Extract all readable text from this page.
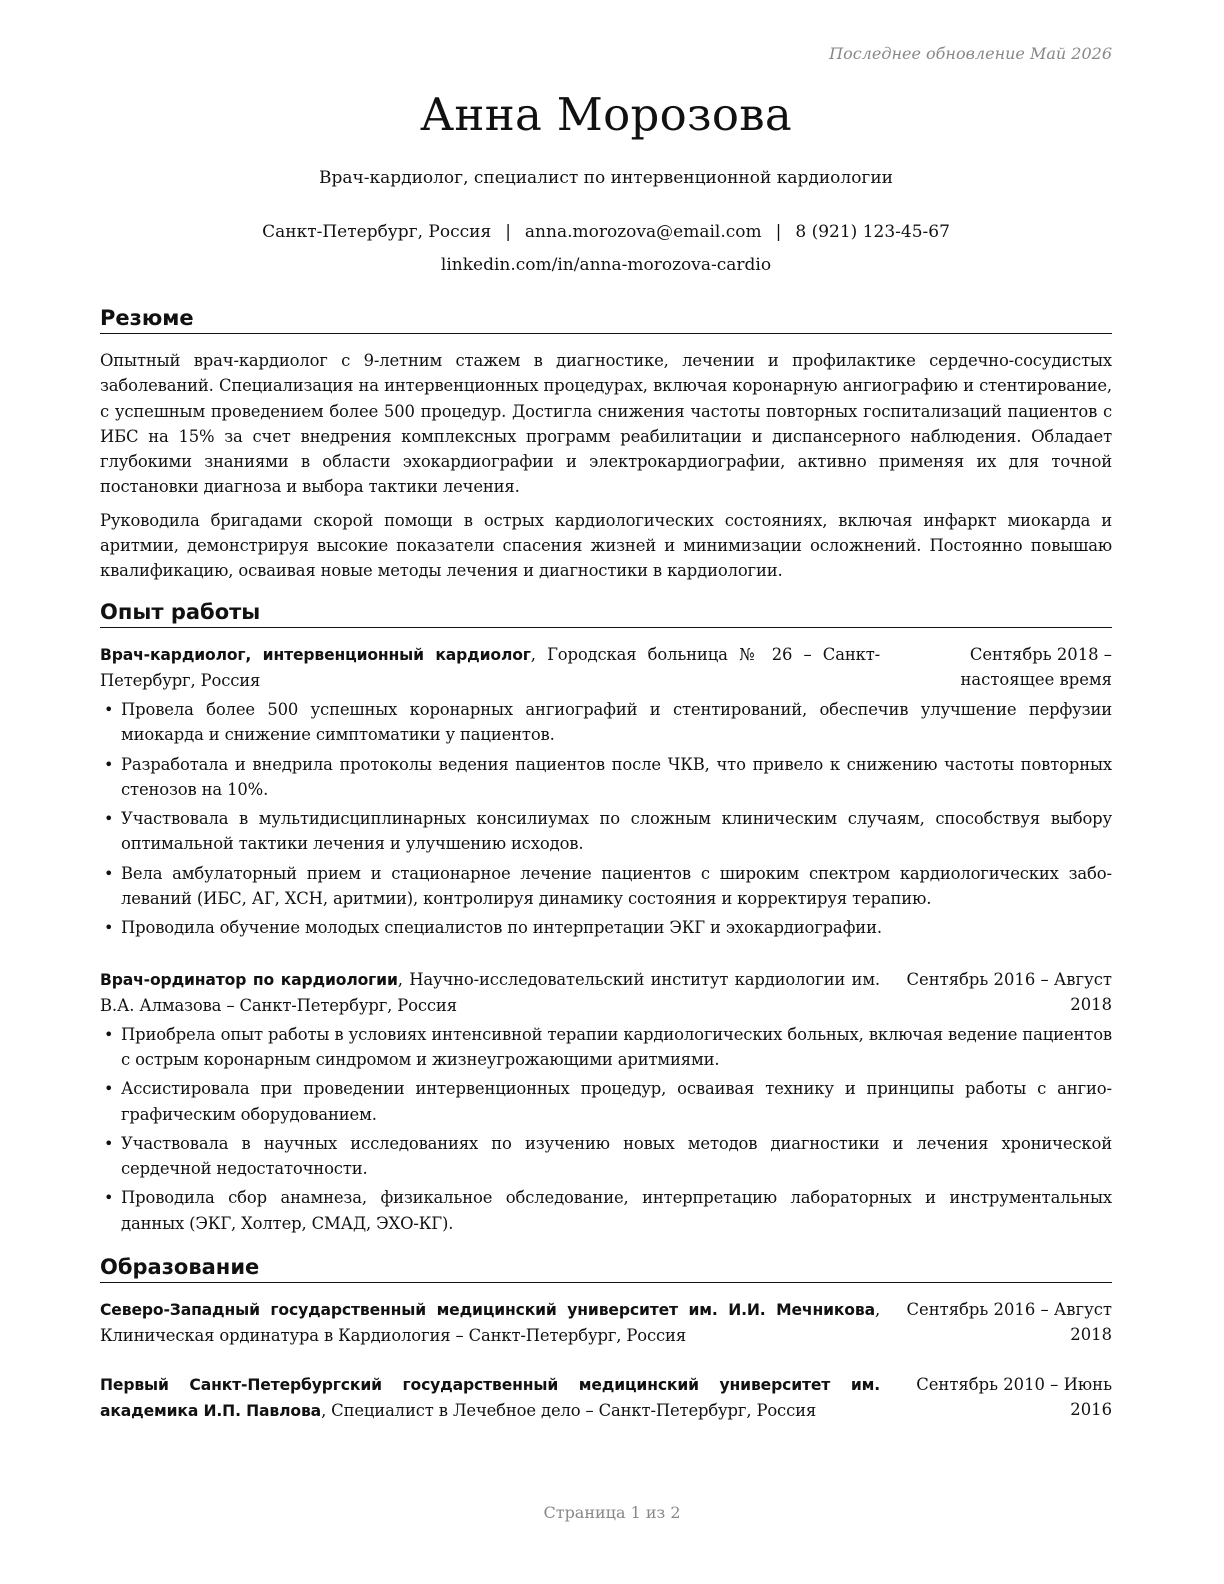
Последнее обновление Май 2026
Анна Морозова
Врач-кардиолог, специалист по интервенционной кардиологии
Санкт-Петербург, Россия | anna.morozova@email.com | 8 (921) 123-45-67
linkedin.com/in/anna-morozova-cardio
Резюме

Опытный врач-кардиолог с 9-летним стажем в диагностике, лечении и профилактике сердечно-сосудистых заболеваний. Специализация на интервенционных процедурах, включая коронарную ангиографию и стентирование, с успешным проведением более 500 процедур. Достигла снижения частоты повторных госпитализаций пациентов с ИБС на 15% за счет внедрения комплексных программ реабилитации и диспансерного наблюдения. Обладает глубокими знаниями в области эхокардиографии и электрокардиографии, активно применяя их для точной постановки диагноза и выбора тактики лечения.

Руководила бригадами скорой помощи в острых кардиологических состояниях, включая инфаркт миокарда и аритмии, демонстрируя высокие показатели спасения жизней и минимизации осложнений. Постоянно повышаю квалификацию, осваивая новые методы лечения и диагностики в кардиологии.

Опыт работы
Врач-кардиолог, интервенционный кардиолог, Городская больница № 26 – Санкт-Петербург, Россия
Сентябрь 2018 – настоящее время
• Провела более 500 успешных коронарных ангиографий и стентирований, обеспечив улучшение перфузии миокарда и снижение симптоматики у пациентов.
• Разработала и внедрила протоколы ведения пациентов после ЧКВ, что привело к снижению частоты повторных стенозов на 10%.
• Участвовала в мультидисциплинарных консилиумах по сложным клиническим случаям, способствуя выбору оптимальной тактики лечения и улучшению исходов.
• Вела амбулаторный прием и стационарное лечение пациентов с широким спектром кардиологических заболеваний (ИБС, АГ, ХСН, аритмии), контролируя динамику состояния и корректируя терапию.
• Проводила обучение молодых специалистов по интерпретации ЭКГ и эхокардиографии.
Врач-ординатор по кардиологии, Научно-исследовательский институт кардиологии им. В.А. Алмазова – Санкт-Петербург, Россия
Сентябрь 2016 – Август 2018
• Приобрела опыт работы в условиях интенсивной терапии кардиологических больных, включая ведение пациентов с острым коронарным синдромом и жизнеугрожающими аритмиями.
• Ассистировала при проведении интервенционных процедур, осваивая технику и принципы работы с ангиографическим оборудованием.
• Участвовала в научных исследованиях по изучению новых методов диагностики и лечения хронической сердечной недостаточности.
• Проводила сбор анамнеза, физикальное обследование, интерпретацию лабораторных и инструментальных данных (ЭКГ, Холтер, СМАД, ЭХО-КГ).
Образование
Северо-Западный государственный медицинский университет им. И.И. Мечникова, Клиническая ординатура в Кардиология – Санкт-Петербург, Россия
Сентябрь 2016 – Август 2018
Первый Санкт-Петербургский государственный медицинский университет им. академика И.П. Павлова, Специалист в Лечебное дело – Санкт-Петербург, Россия
Сентябрь 2010 – Июнь 2016
Страница 1 из 2
